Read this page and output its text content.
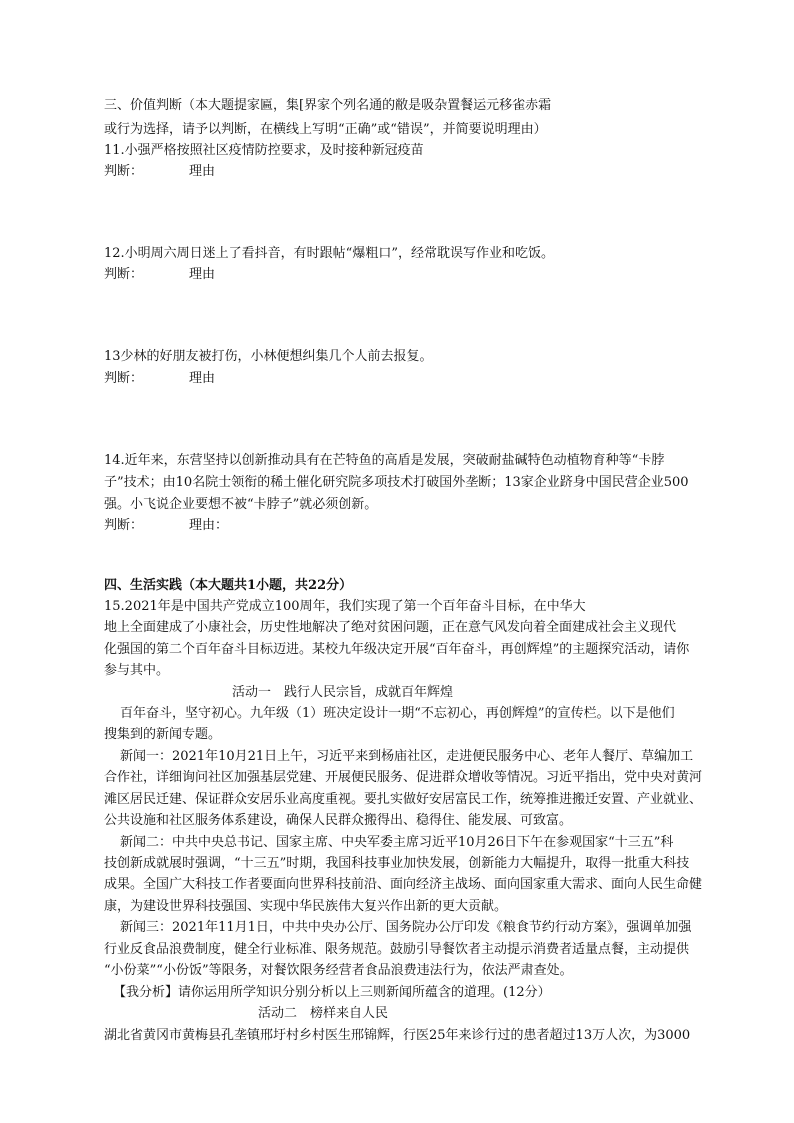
三、价值判断（本大题提家匾，集[界家个列名通的敝是吸杂置餐运元移雀赤霜
或行为选择，请予以判断，在横线上写明“正确”或“错误”，并简要说明理由）
11.小强严格按照社区疫情防控要求，及时接种新冠疫苗
判断：	理由
12.小明周六周日迷上了看抖音，有时跟帖“爆粗口”，经常耽误写作业和吃饭。
判断：	理由
13少林的好朋友被打伤，小林便想纠集几个人前去报复。
判断：	理由
14.近年来，东营坚持以创新推动具有在芒特鱼的高盾是发展，突破耐盐碱特色动植物育种等“卡脖
子”技术；由10名院士领衔的稀土催化研究院多项技术打破国外垄断；13家企业跻身中国民营企业500
强。小飞说企业要想不被“卡脖子”就必须创新。
判断：	理由：
四、生活实践（本大题共1小题，共22分）
15.2021年是中国共产党成立100周年，我们实现了第一个百年奋斗目标，在中华大
地上全面建成了小康社会，历史性地解决了绝对贫困问题，正在意气风发向着全面建成社会主义现代
化强国的第二个百年奋斗目标迈进。某校九年级决定开展“百年奋斗，再创辉煌”的主题探究活动，请你
参与其中。
活动一　践行人民宗旨，成就百年辉煌
百年奋斗，坚守初心。九年级（1）班决定设计一期“不忘初心，再创辉煌”的宣传栏。以下是他们
搜集到的新闻专题。
新闻一：2021年10月21日上午，习近平来到杨庙社区，走进便民服务中心、老年人餐厅、草编加工
合作社，详细询问社区加强基层党建、开展便民服务、促进群众增收等情况。习近平指出，党中央对黄河
滩区居民迁建、保证群众安居乐业高度重视。要扎实做好安居富民工作，统筹推进搬迁安置、产业就业、
公共设施和社区服务体系建设，确保人民群众搬得出、稳得住、能发展、可致富。
新闻二：中共中央总书记、国家主席、中央军委主席习近平10月26日下午在参观国家“十三五”科
技创新成就展时强调，“十三五”时期，我国科技事业加快发展，创新能力大幅提升，取得一批重大科技
成果。全国广大科技工作者要面向世界科技前沿、面向经济主战场、面向国家重大需求、面向人民生命健
康，为建设世界科技强国、实现中华民族伟大复兴作出新的更大贡献。
新闻三：2021年11月1日，中共中央办公厅、国务院办公厅印发《粮食节约行动方案》，强调单加强
行业反食品浪费制度，健全行业标准、限务规范。鼓励引导餐饮者主动提示消费者适量点餐，主动提供
“小份菜”“小份饭”等限务，对餐饮限务经营者食品浪费违法行为，依法严肃查处。
【我分析】请你运用所学知识分别分析以上三则新闻所蕴含的道理。(12分）
活动二　榜样来自人民
湖北省黄冈市黄梅县孔垄镇邢圩村乡村医生邢锦辉，行医25年来诊行过的患者超过13万人次，为3000
